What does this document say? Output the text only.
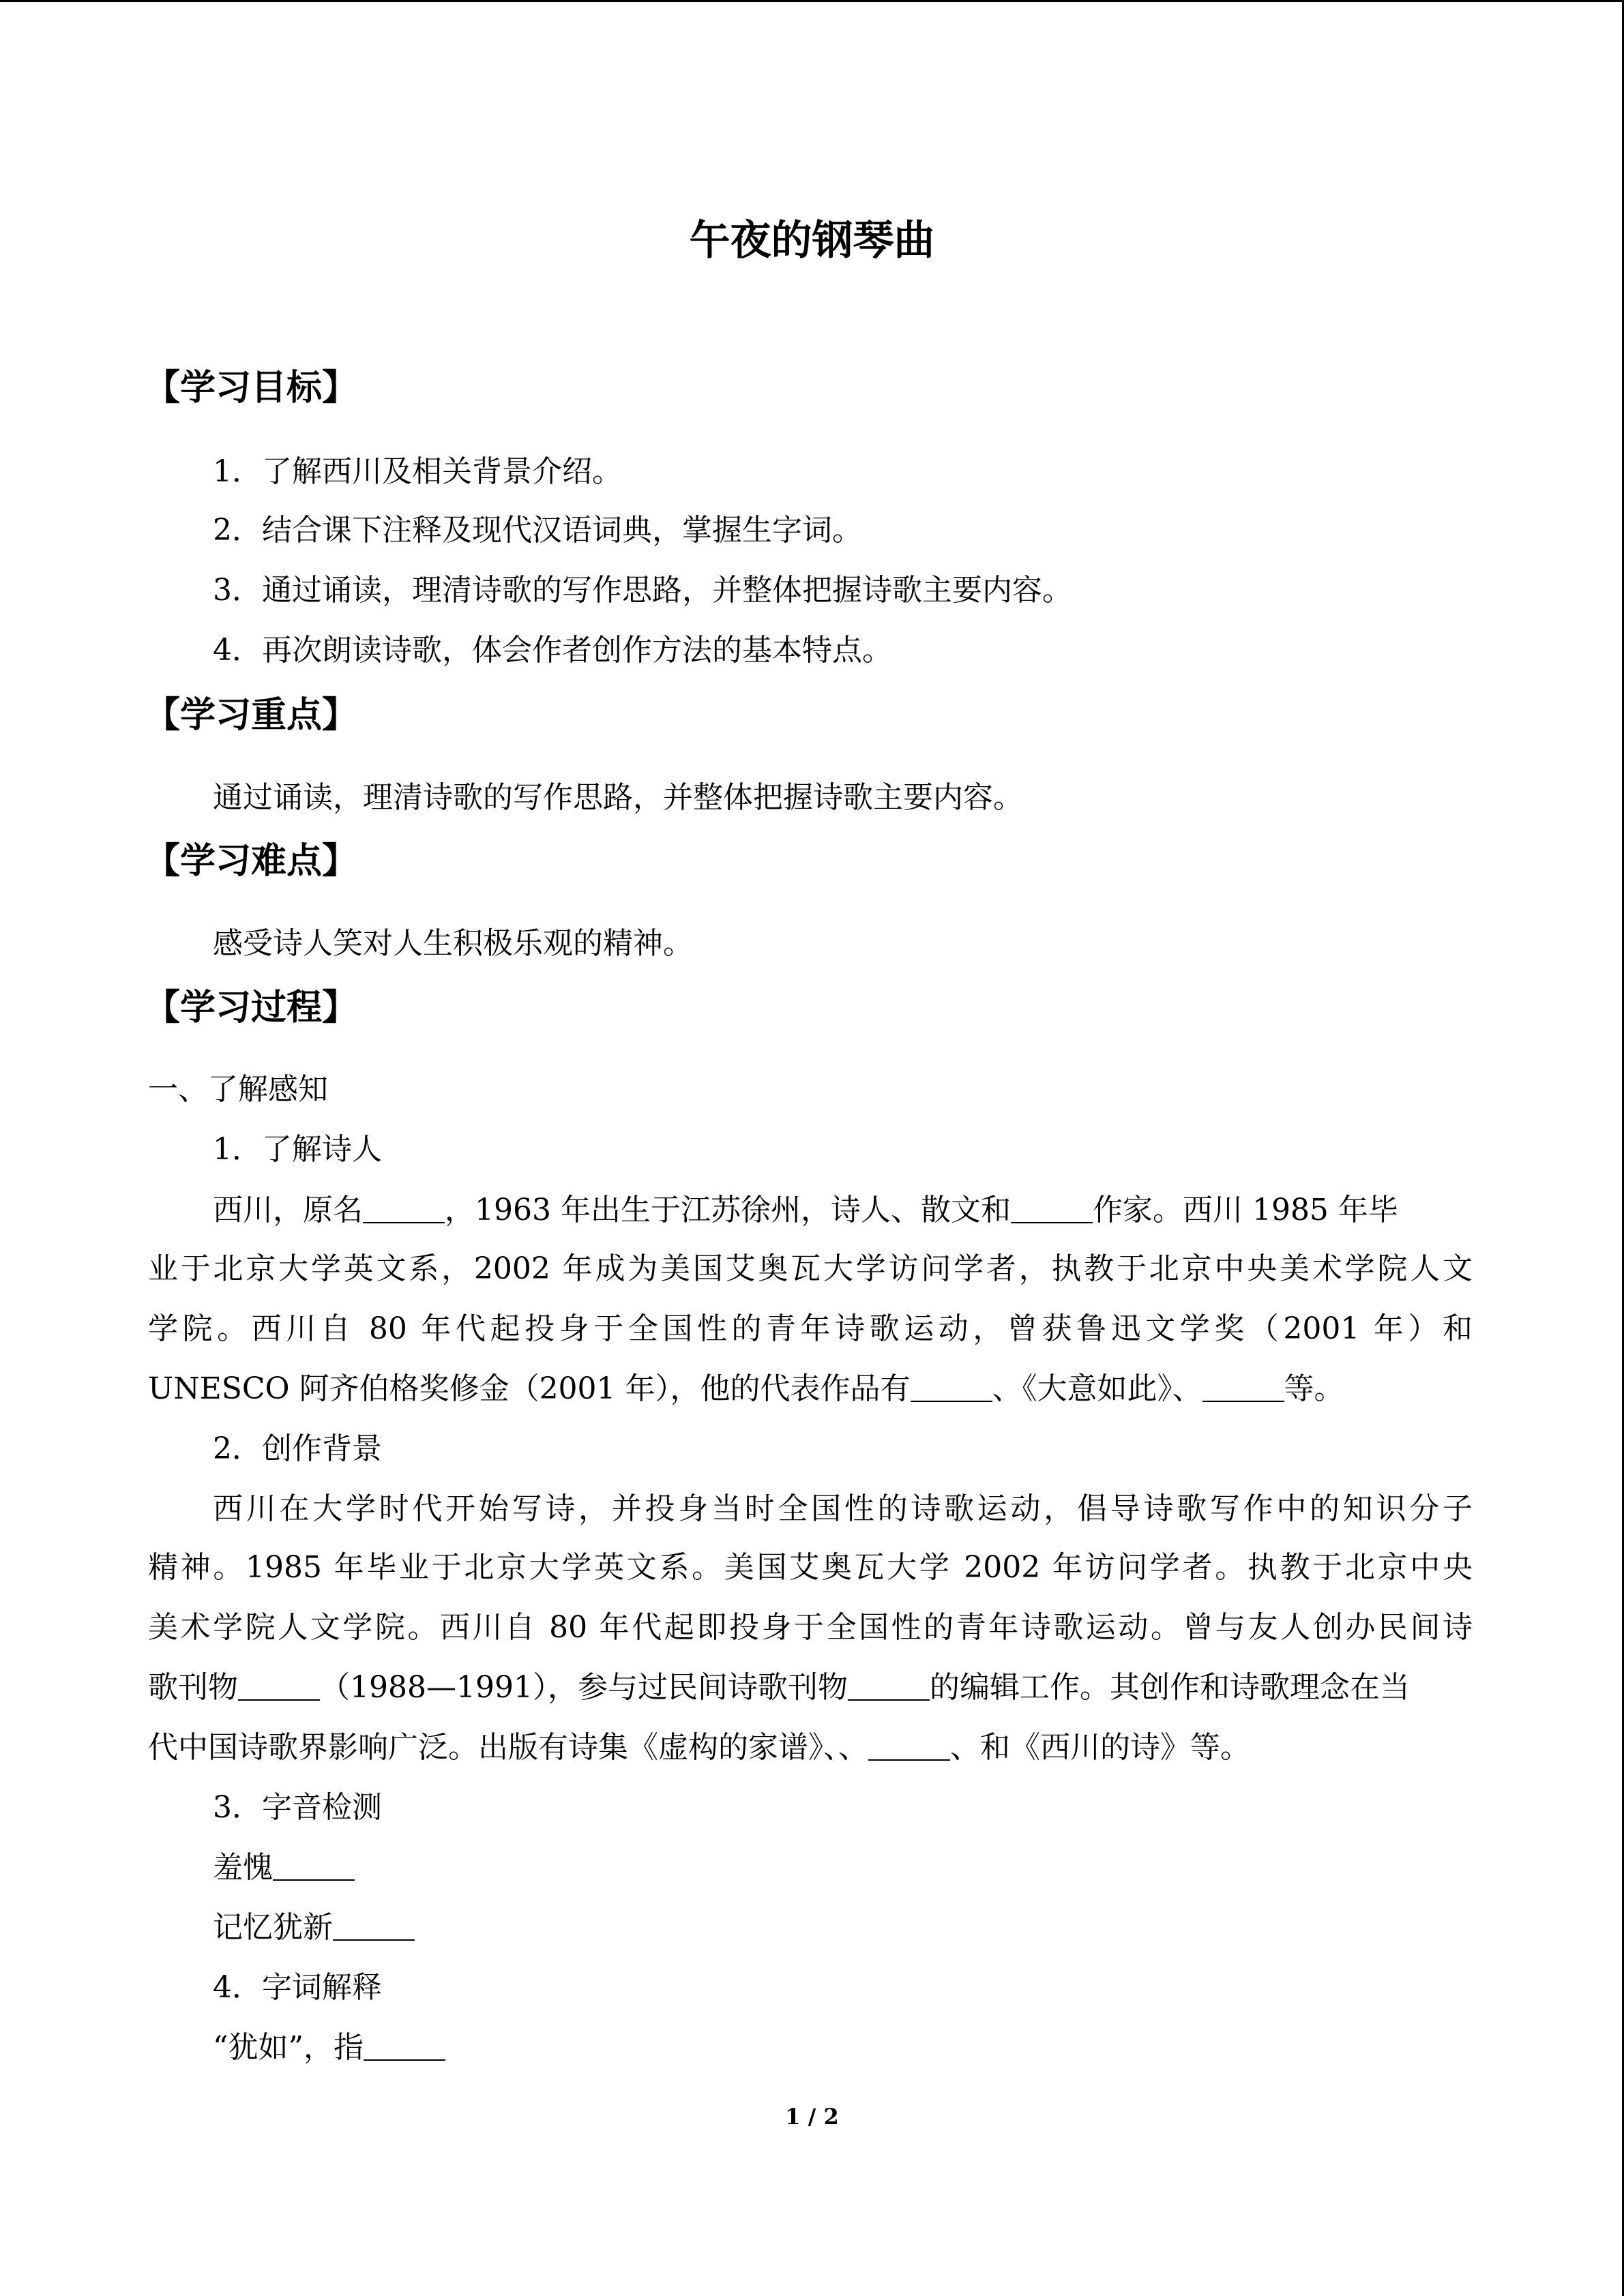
午夜的钢琴曲
【学习目标】
1．了解西川及相关背景介绍。
2．结合课下注释及现代汉语词典，掌握生字词。
3．通过诵读，理清诗歌的写作思路，并整体把握诗歌主要内容。
4．再次朗读诗歌，体会作者创作方法的基本特点。
【学习重点】
通过诵读，理清诗歌的写作思路，并整体把握诗歌主要内容。
【学习难点】
感受诗人笑对人生积极乐观的精神。
【学习过程】
一、了解感知
1．了解诗人
西川，原名	，1963 年出生于江苏徐州，诗人、散文和	作家。西川 1985 年毕
业于北京大学英文系，2002 年成为美国艾奥瓦大学访问学者，执教于北京中央美术学院人文
学院。西川自 80 年代起投身于全国性的青年诗歌运动，曾获鲁迅文学奖（2001 年）和
UNESCO 阿齐伯格奖修金（2001 年），他的代表作品有	、《大意如此》、	等。
2．创作背景
西川在大学时代开始写诗，并投身当时全国性的诗歌运动，倡导诗歌写作中的知识分子
精神。1985 年毕业于北京大学英文系。美国艾奥瓦大学 2002 年访问学者。执教于北京中央
美术学院人文学院。西川自 80 年代起即投身于全国性的青年诗歌运动。曾与友人创办民间诗
歌刊物	（1988—1991），参与过民间诗歌刊物	的编辑工作。其创作和诗歌理念在当
代中国诗歌界影响广泛。出版有诗集《虚构的家谱》、、	、和《西川的诗》等。
3．字音检测
羞愧
记忆犹新
4．字词解释
“犹如”，指
1 / 2
